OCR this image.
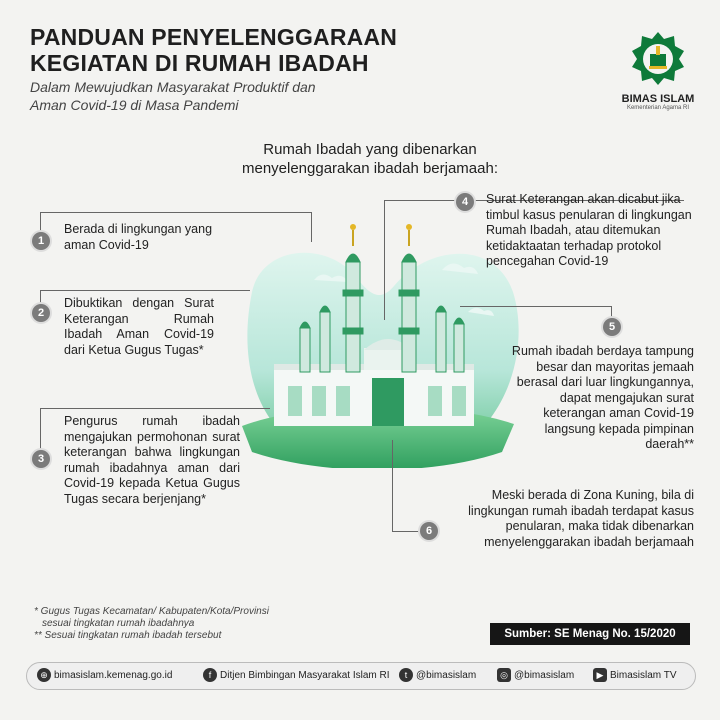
PANDUAN PENYELENGGARAAN
KEGIATAN DI RUMAH IBADAH
Dalam Mewujudkan Masyarakat Produktif dan
Aman Covid-19 di Masa Pandemi	BIMAS ISLAM
Kementerian Agama RI
Rumah Ibadah yang dibenarkan
menyelenggarakan ibadah berjamaah:
1
2
3
4
5
6
Berada di lingkungan yang aman Covid-19
Dibuktikan dengan Surat Keterangan Rumah Ibadah Aman Covid-19 dari Ketua Gugus Tugas*
Pengurus rumah ibadah mengajukan permohonan surat keterangan bahwa lingkungan rumah ibadahnya aman dari Covid-19 kepada Ketua Gugus Tugas secara berjenjang*
Surat Keterangan akan dicabut jika timbul kasus penularan di lingkungan Rumah Ibadah, atau ditemukan ketidaktaatan terhadap protokol pencegahan Covid-19
Rumah ibadah berdaya tampung besar dan mayoritas jemaah berasal dari luar lingkungannya, dapat mengajukan surat keterangan aman Covid-19 langsung kepada pimpinan daerah**
Meski berada di Zona Kuning, bila di lingkungan rumah ibadah terdapat kasus penularan, maka tidak dibenarkan menyelenggarakan ibadah berjamaah
* Gugus Tugas Kecamatan/ Kabupaten/Kota/Provinsi
sesuai tingkatan rumah ibadahnya
** Sesuai tingkatan rumah ibadah tersebut	Sumber: SE Menag No. 15/2020
⊕ bimasislam.kemenag.go.id	f Ditjen Bimbingan Masyarakat Islam RI	t @bimasislam	◎ @bimasislam	▶ Bimasislam TV
